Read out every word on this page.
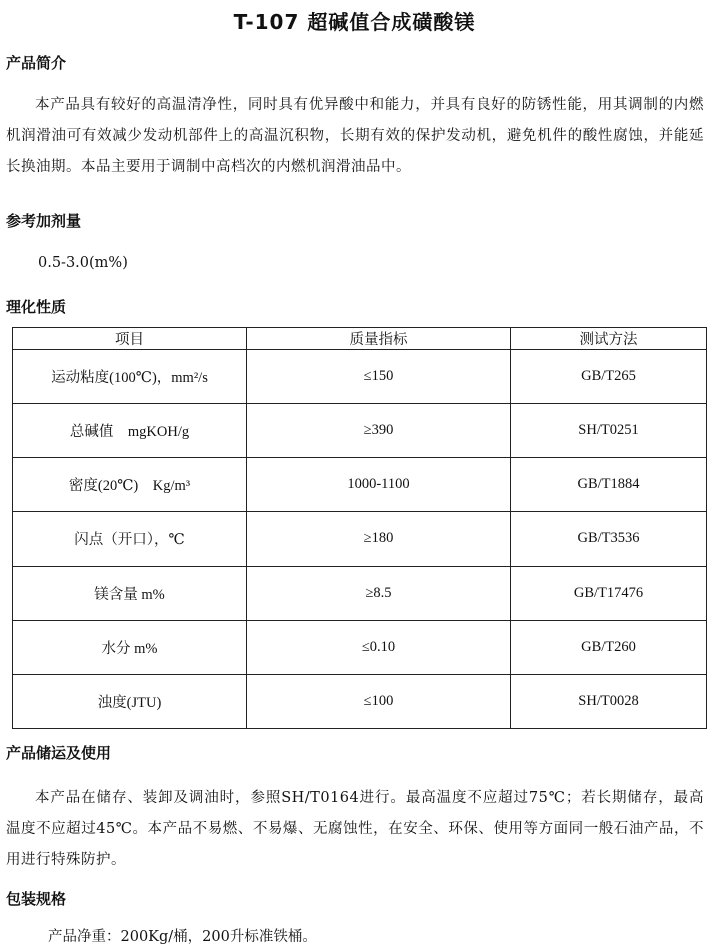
T-107 超碱值合成磺酸镁
产品简介

本产品具有较好的高温清净性，同时具有优异酸中和能力，并具有良好的防锈性能，用其调制的内燃机润滑油可有效减少发动机部件上的高温沉积物，长期有效的保护发动机，避免机件的酸性腐蚀，并能延长换油期。本品主要用于调制中高档次的内燃机润滑油品中。

参考加剂量

0.5-3.0(m%)

理化性质
项目	质量指标	测试方法
运动粘度(100℃)，mm²/s	≤150	GB/T265
总碱值　mgKOH/g	≥390	SH/T0251
密度(20℃)　Kg/m³	1000-1100	GB/T1884
闪点（开口），℃	≥180	GB/T3536
镁含量 m%	≥8.5	GB/T17476
水分 m%	≤0.10	GB/T260
浊度(JTU)	≤100	SH/T0028
产品储运及使用

本产品在储存、装卸及调油时，参照SH/T0164进行。最高温度不应超过75℃；若长期储存，最高温度不应超过45℃。本产品不易燃、不易爆、无腐蚀性，在安全、环保、使用等方面同一般石油产品，不用进行特殊防护。

包装规格

产品净重：200Kg/桶，200升标准铁桶。
